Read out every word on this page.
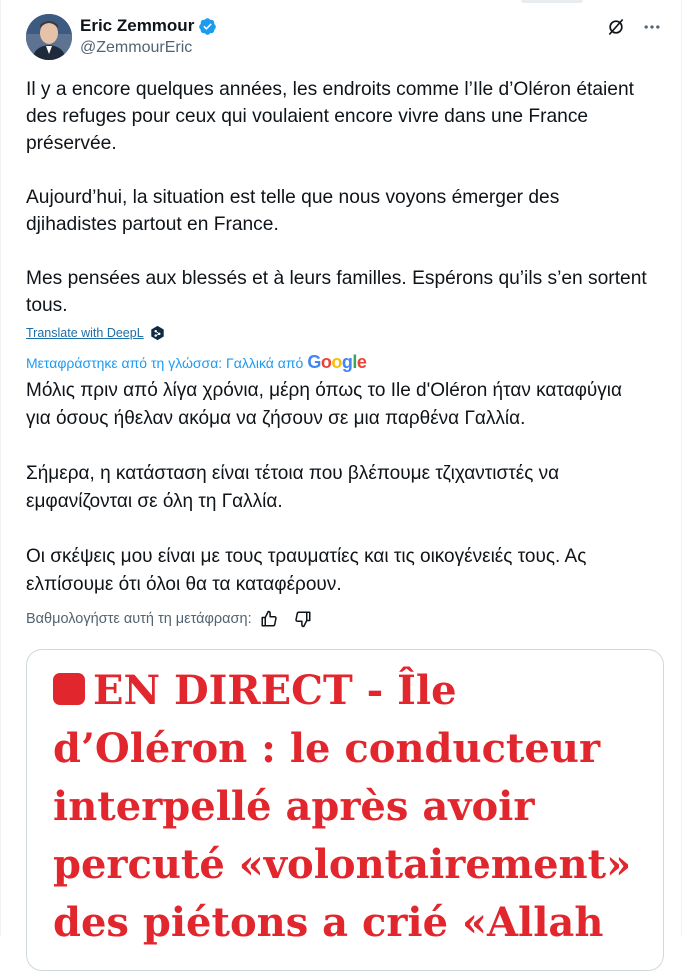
Eric Zemmour
@ZemmourEric

Il y a encore quelques années, les endroits comme l’Ile d’Oléron étaient
des refuges pour ceux qui voulaient encore vivre dans une France
préservée.

Aujourd’hui, la situation est telle que nous voyons émerger des
djihadistes partout en France.

Mes pensées aux blessés et à leurs familles. Espérons qu’ils s’en sortent
tous.

Translate with DeepL
Μεταφράστηκε από τη γλώσσα: Γαλλικά από Google

Μόλις πριν από λίγα χρόνια, μέρη όπως το Ile d'Oléron ήταν καταφύγια
για όσους ήθελαν ακόμα να ζήσουν σε μια παρθένα Γαλλία.

Σήμερα, η κατάσταση είναι τέτοια που βλέπουμε τζιχαντιστές να
εμφανίζονται σε όλη τη Γαλλία.

Οι σκέψεις μου είναι με τους τραυματίες και τις οικογένειές τους. Ας
ελπίσουμε ότι όλοι θα τα καταφέρουν.

Βαθμολογήστε αυτή τη μετάφραση:
EN DIRECT - Île
d’Oléron : le conducteur
interpellé après avoir
percuté «volontairement»
des piétons a crié «Allah
